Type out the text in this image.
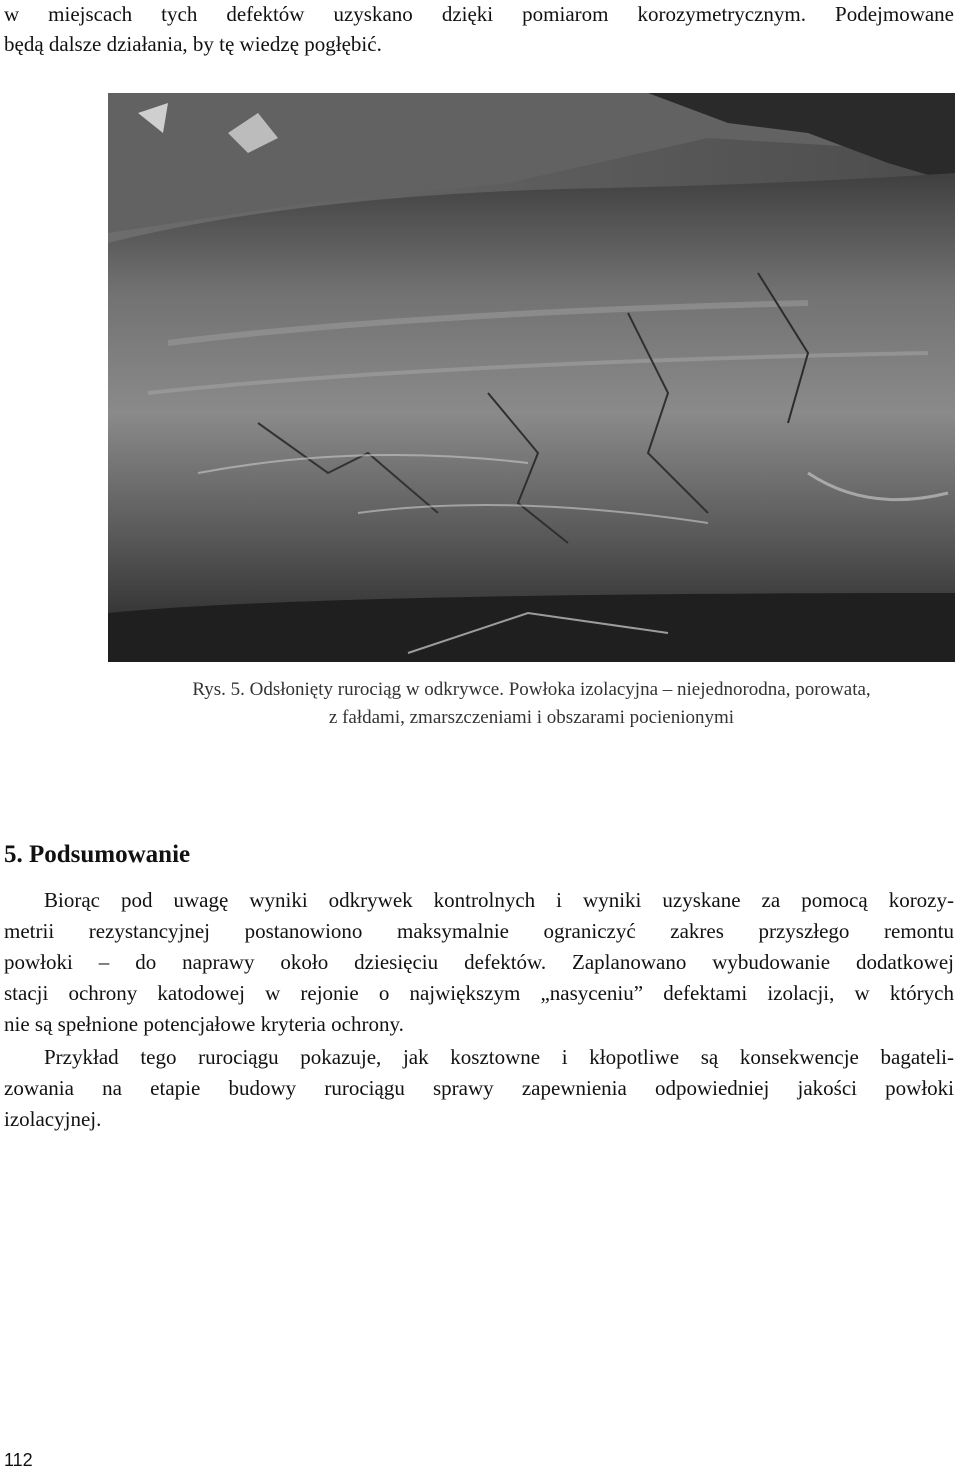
w miejscach tych defektów uzyskano dzięki pomiarom korozymetrycznym. Podejmowane
będą dalsze działania, by tę wiedzę pogłębić.
Rys. 5. Odsłonięty rurociąg w odkrywce. Powłoka izolacyjna – niejednorodna, porowata,
z fałdami, zmarszczeniami i obszarami pocienionymi
5. Podsumowanie
Biorąc pod uwagę wyniki odkrywek kontrolnych i wyniki uzyskane za pomocą korozy-
metrii rezystancyjnej postanowiono maksymalnie ograniczyć zakres przyszłego remontu
powłoki – do naprawy około dziesięciu defektów. Zaplanowano wybudowanie dodatkowej
stacji ochrony katodowej w rejonie o największym „nasyceniu” defektami izolacji, w których
nie są spełnione potencjałowe kryteria ochrony.
Przykład tego rurociągu pokazuje, jak kosztowne i kłopotliwe są konsekwencje bagateli-
zowania na etapie budowy rurociągu sprawy zapewnienia odpowiedniej jakości powłoki
izolacyjnej.
112
